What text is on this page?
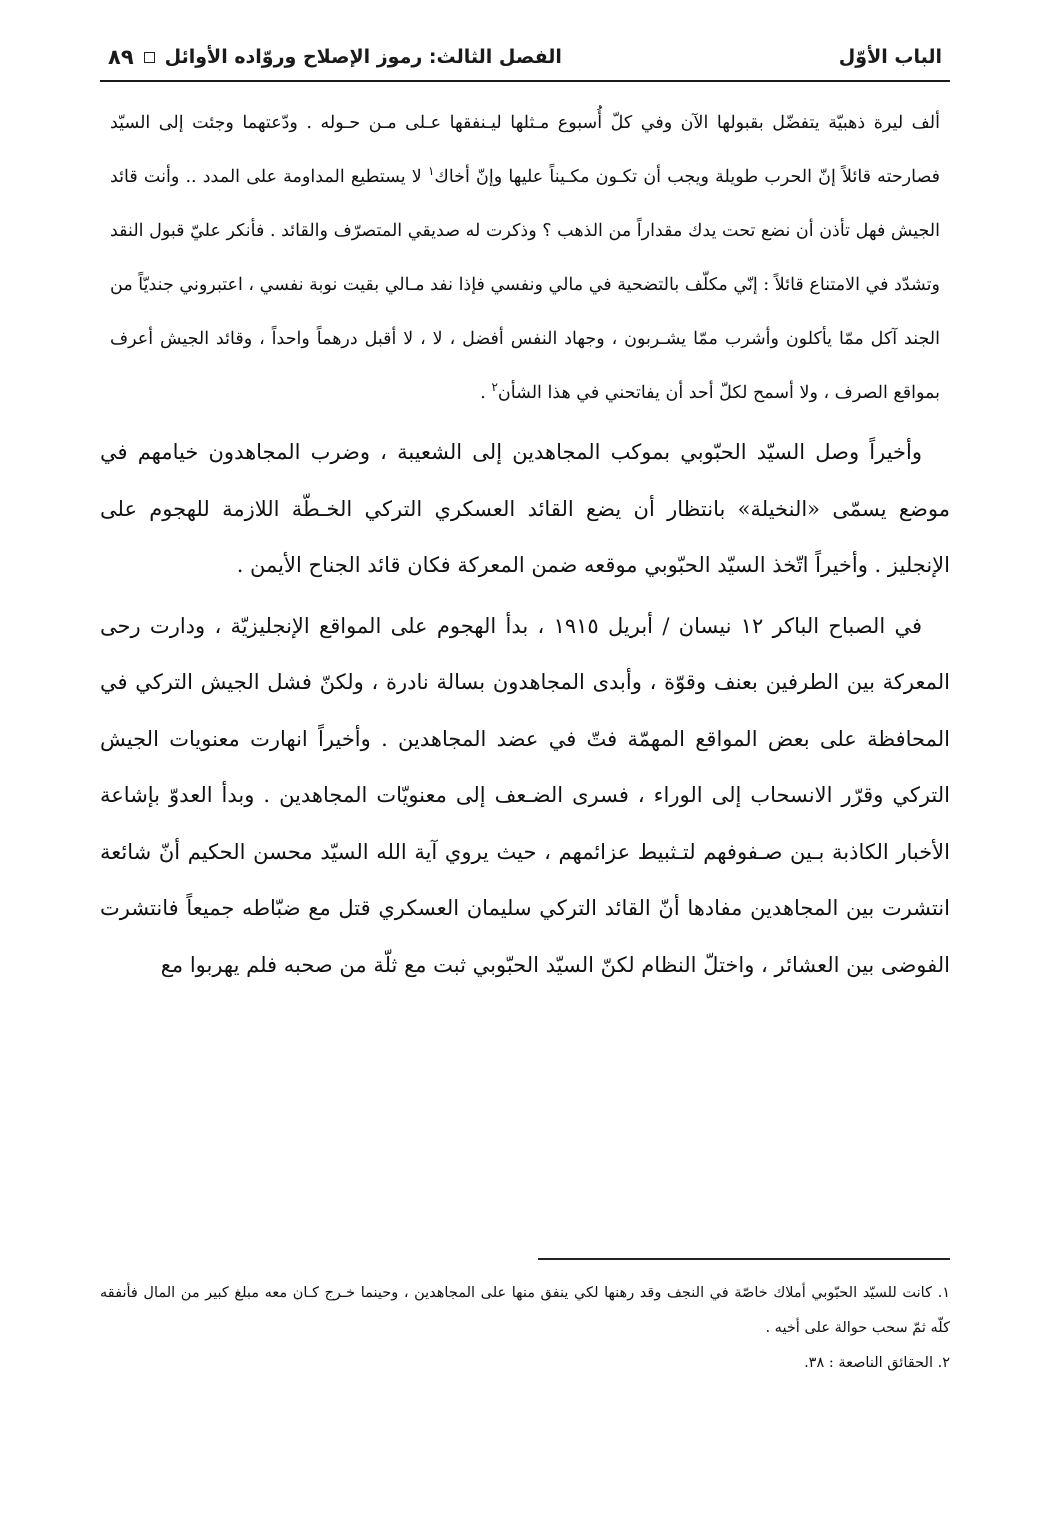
الباب الأوّل
الفصل الثالث: رموز الإصلاح وروّاده الأوائل
٨٩

ألف ليرة ذهبيّة يتفضّل بقبولها الآن وفي كلّ أُسبوع مـثلها ليـنفقها عـلى مـن حـوله . ودّعتهما وجئت إلى السيّد فصارحته قائلاً إنّ الحرب طويلة ويجب أن تكـون مكـيناً عليها وإنّ أخاك$^١$ لا يستطيع المداومة على المدد .. وأنت قائد الجيش فهل تأذن أن نضع تحت يدك مقداراً من الذهب ؟ وذكرت له صديقي المتصرّف والقائد . فأنكر عليّ قبول النقد وتشدّد في الامتناع قائلاً : إنّي مكلّف بالتضحية في مالي ونفسي فإذا نفد مـالي بقيت نوبة نفسي ، اعتبروني جنديّاً من الجند آكل ممّا يأكلون وأشرب ممّا يشـربون ، وجهاد النفس أفضل ، لا ، لا أقبل درهماً واحداً ، وقائد الجيش أعرف بمواقع الصرف ، ولا أسمح لكلّ أحد أن يفاتحني في هذا الشأن$^٢$ .

وأخيراً وصل السيّد الحبّوبي بموكب المجاهدين إلى الشعيبة ، وضرب المجاهدون خيامهم في موضع يسمّى «النخيلة» بانتظار أن يضع القائد العسكري التركي الخـطّة اللازمة للهجوم على الإنجليز . وأخيراً اتّخذ السيّد الحبّوبي موقعه ضمن المعركة فكان قائد الجناح الأيمن .

في الصباح الباكر ١٢ نيسان / أبريل ١٩١٥ ، بدأ الهجوم على المواقع الإنجليزيّة ، ودارت رحى المعركة بين الطرفين بعنف وقوّة ، وأبدى المجاهدون بسالة نادرة ، ولكنّ فشل الجيش التركي في المحافظة على بعض المواقع المهمّة فتّ في عضد المجاهدين . وأخيراً انهارت معنويات الجيش التركي وقرّر الانسحاب إلى الوراء ، فسرى الضـعف إلى معنويّات المجاهدين . وبدأ العدوّ بإشاعة الأخبار الكاذبة بـين صـفوفهم لتـثبيط عزائمهم ، حيث يروي آية الله السيّد محسن الحكيم أنّ شائعة انتشرت بين المجاهدين مفادها أنّ القائد التركي سليمان العسكري قتل مع ضبّاطه جميعاً فانتشرت الفوضى بين العشائر ، واختلّ النظام لكنّ السيّد الحبّوبي ثبت مع ثلّة من صحبه فلم يهربوا مع

١. كانت للسيّد الحبّوبي أملاك خاصّة في النجف وقد رهنها لكي ينفق منها على المجاهدين ، وحينما خـرج كـان معه مبلغ كبير من المال فأنفقه كلّه ثمّ سحب حوالة على أخيه .

٢. الحقائق الناصعة : ٣٨.
